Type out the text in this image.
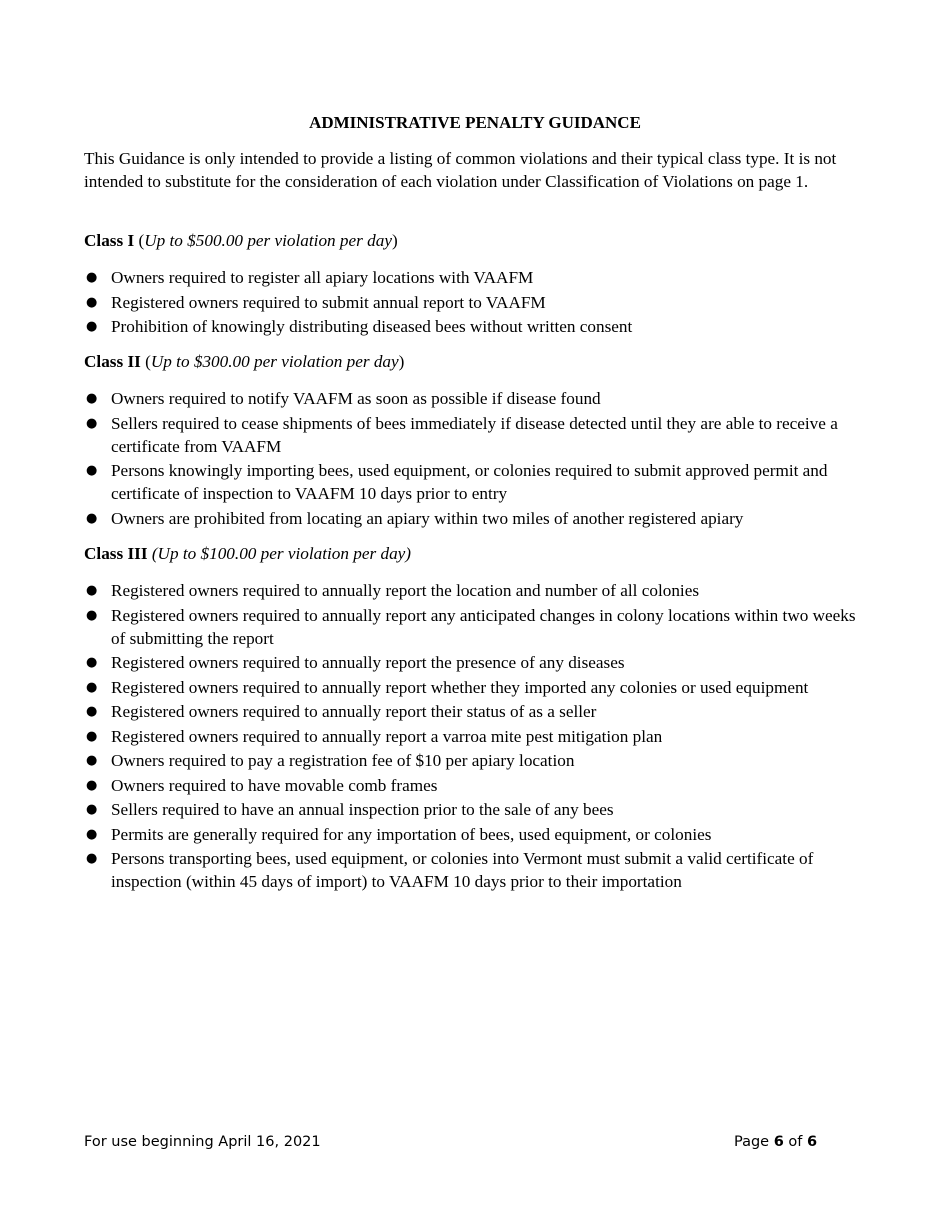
ADMINISTRATIVE PENALTY GUIDANCE

This Guidance is only intended to provide a listing of common violations and their typical class type. It is not intended to substitute for the consideration of each violation under Classification of Violations on page 1.

Class I (Up to $500.00 per violation per day)

● Owners required to register all apiary locations with VAAFM
● Registered owners required to submit annual report to VAAFM
● Prohibition of knowingly distributing diseased bees without written consent

Class II (Up to $300.00 per violation per day)

● Owners required to notify VAAFM as soon as possible if disease found
● Sellers required to cease shipments of bees immediately if disease detected until they are able to receive a certificate from VAAFM
● Persons knowingly importing bees, used equipment, or colonies required to submit approved permit and certificate of inspection to VAAFM 10 days prior to entry
● Owners are prohibited from locating an apiary within two miles of another registered apiary

Class III (Up to $100.00 per violation per day)

● Registered owners required to annually report the location and number of all colonies
● Registered owners required to annually report any anticipated changes in colony locations within two weeks of submitting the report
● Registered owners required to annually report the presence of any diseases
● Registered owners required to annually report whether they imported any colonies or used equipment
● Registered owners required to annually report their status of as a seller
● Registered owners required to annually report a varroa mite pest mitigation plan
● Owners required to pay a registration fee of $10 per apiary location
● Owners required to have movable comb frames
● Sellers required to have an annual inspection prior to the sale of any bees
● Permits are generally required for any importation of bees, used equipment, or colonies
● Persons transporting bees, used equipment, or colonies into Vermont must submit a valid certificate of inspection (within 45 days of import) to VAAFM 10 days prior to their importation
For use beginning April 16, 2021	Page 6 of 6
